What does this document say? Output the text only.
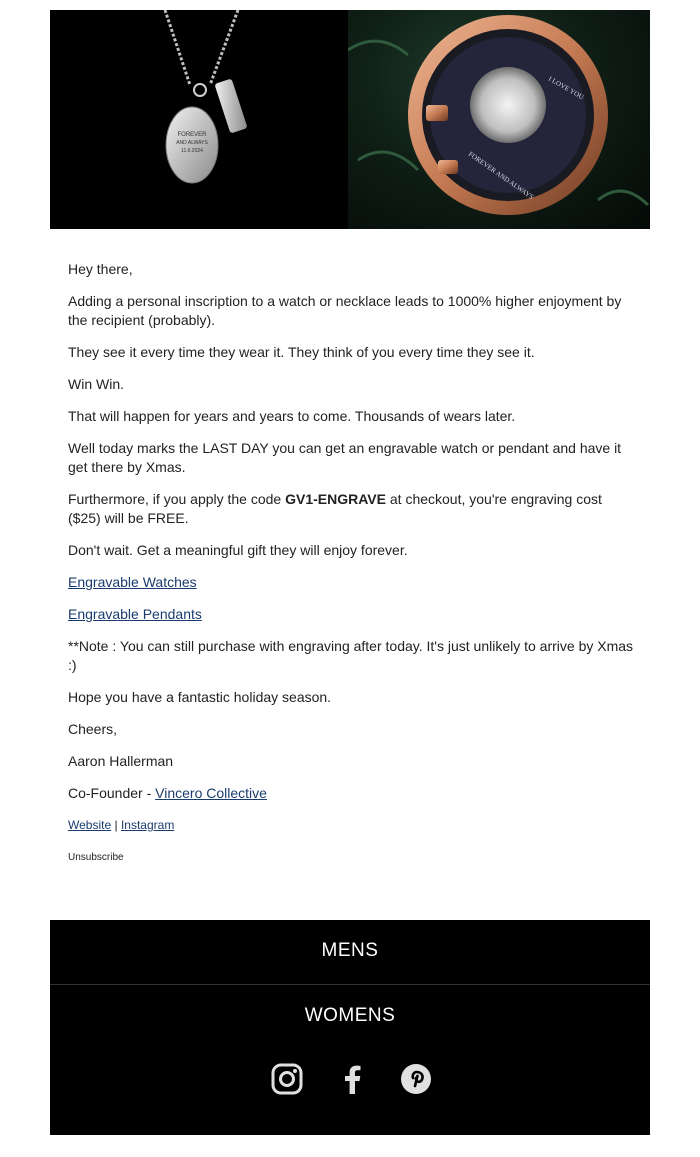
FOREVER
AND ALWAYS
11.6.2024
I LOVE YOU
FOREVER AND ALWAYS

Hey there,

Adding a personal inscription to a watch or necklace leads to 1000% higher enjoyment by the recipient (probably).

They see it every time they wear it. They think of you every time they see it.

Win Win.

That will happen for years and years to come. Thousands of wears later.

Well today marks the LAST DAY you can get an engravable watch or pendant and have it get there by Xmas.

Furthermore, if you apply the code GV1-ENGRAVE at checkout, you're engraving cost ($25) will be FREE.

Don't wait. Get a meaningful gift they will enjoy forever.

Engravable Watches

Engravable Pendants

**Note : You can still purchase with engraving after today. It's just unlikely to arrive by Xmas :)

Hope you have a fantastic holiday season.

Cheers,

Aaron Hallerman

Co-Founder - Vincero Collective

Website | Instagram

Unsubscribe

MENS
WOMENS
